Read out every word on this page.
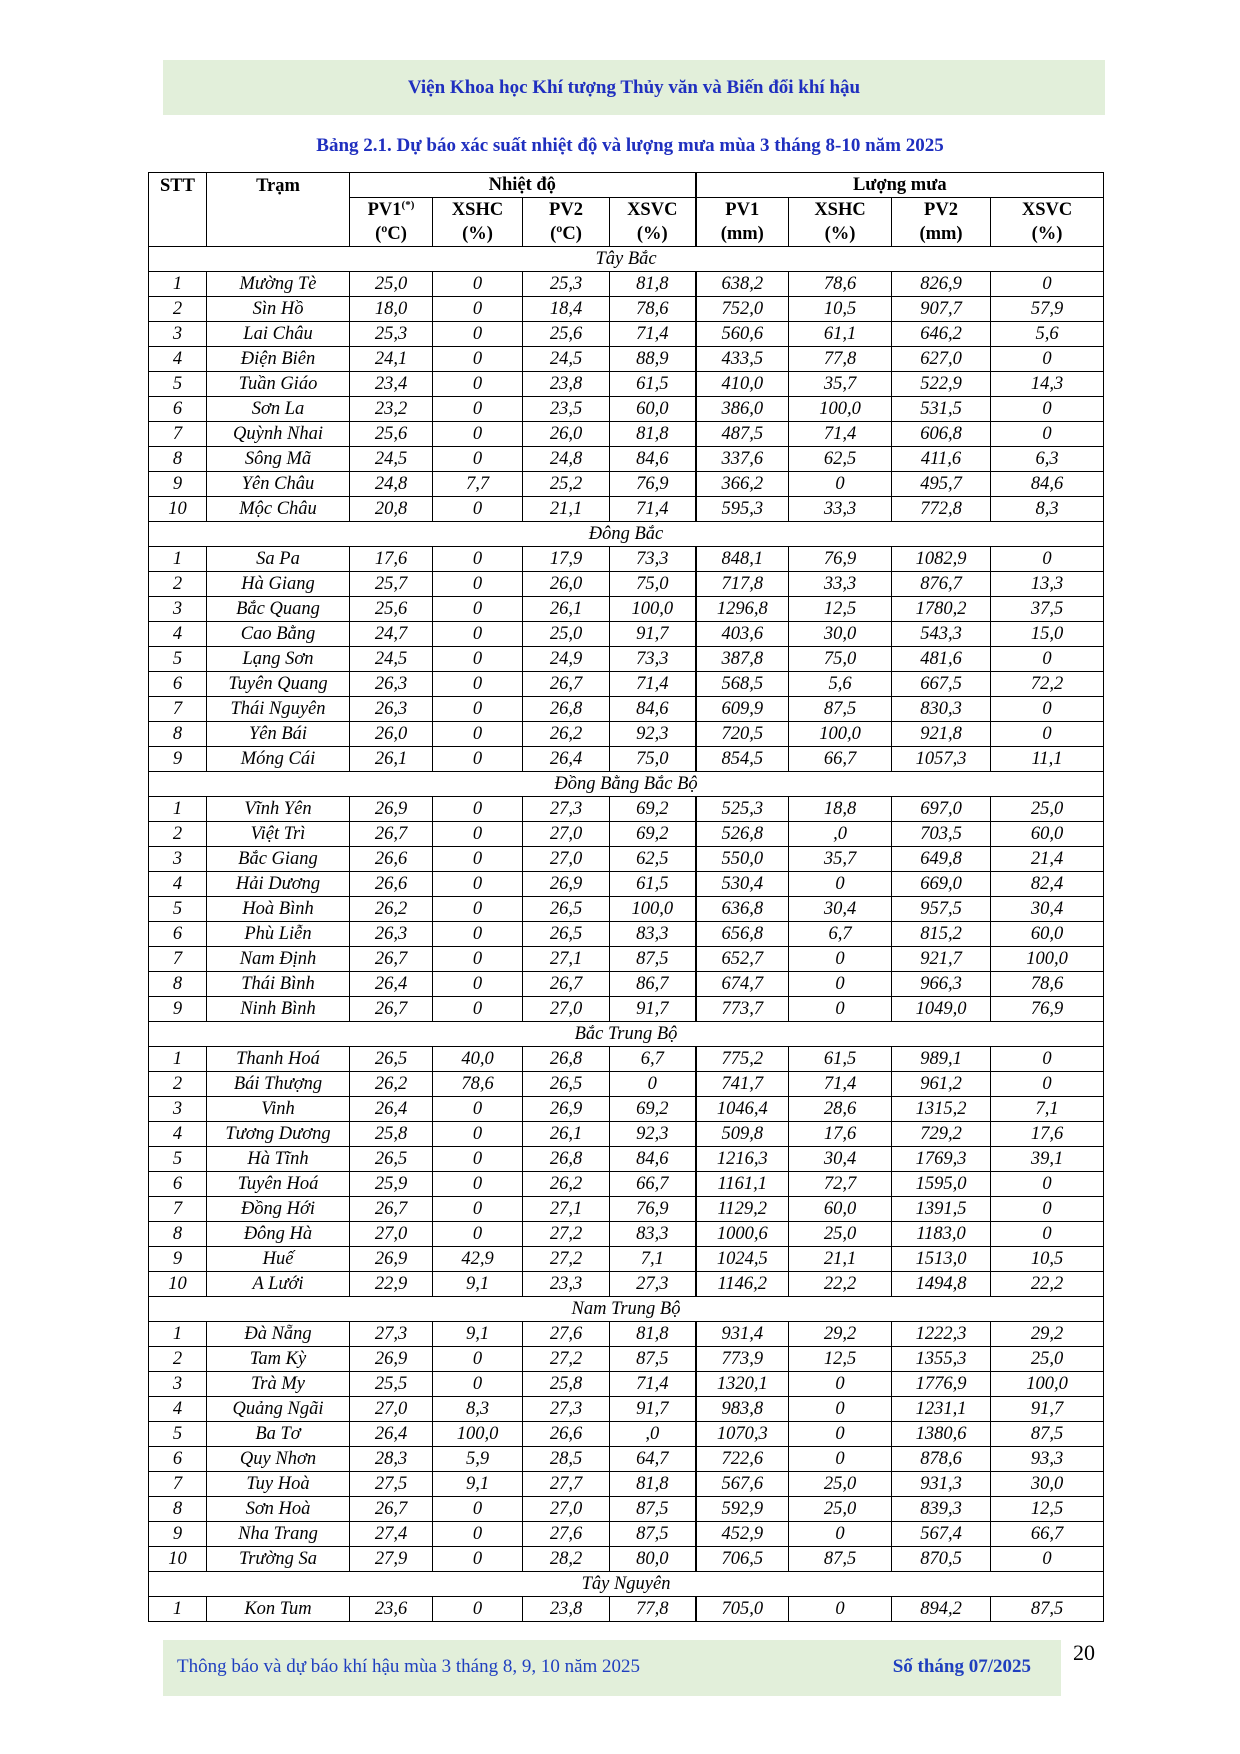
Viện Khoa học Khí tượng Thủy văn và Biến đổi khí hậu
Bảng 2.1. Dự báo xác suất nhiệt độ và lượng mưa mùa 3 tháng 8-10 năm 2025
STT	Trạm	Nhiệt độ				Lượng mưa			
		PV1(*)	XSHC	PV2	XSVC	PV1	XSHC	PV2	XSVC
		(ºC)	(%)	(ºC)	(%)	(mm)	(%)	(mm)	(%)
Tây Bắc									
1	Mường Tè	25,0	0	25,3	81,8	638,2	78,6	826,9	0
2	Sìn Hồ	18,0	0	18,4	78,6	752,0	10,5	907,7	57,9
3	Lai Châu	25,3	0	25,6	71,4	560,6	61,1	646,2	5,6
4	Điện Biên	24,1	0	24,5	88,9	433,5	77,8	627,0	0
5	Tuần Giáo	23,4	0	23,8	61,5	410,0	35,7	522,9	14,3
6	Sơn La	23,2	0	23,5	60,0	386,0	100,0	531,5	0
7	Quỳnh Nhai	25,6	0	26,0	81,8	487,5	71,4	606,8	0
8	Sông Mã	24,5	0	24,8	84,6	337,6	62,5	411,6	6,3
9	Yên Châu	24,8	7,7	25,2	76,9	366,2	0	495,7	84,6
10	Mộc Châu	20,8	0	21,1	71,4	595,3	33,3	772,8	8,3
Đông Bắc									
1	Sa Pa	17,6	0	17,9	73,3	848,1	76,9	1082,9	0
2	Hà Giang	25,7	0	26,0	75,0	717,8	33,3	876,7	13,3
3	Bắc Quang	25,6	0	26,1	100,0	1296,8	12,5	1780,2	37,5
4	Cao Bằng	24,7	0	25,0	91,7	403,6	30,0	543,3	15,0
5	Lạng Sơn	24,5	0	24,9	73,3	387,8	75,0	481,6	0
6	Tuyên Quang	26,3	0	26,7	71,4	568,5	5,6	667,5	72,2
7	Thái Nguyên	26,3	0	26,8	84,6	609,9	87,5	830,3	0
8	Yên Bái	26,0	0	26,2	92,3	720,5	100,0	921,8	0
9	Móng Cái	26,1	0	26,4	75,0	854,5	66,7	1057,3	11,1
Đồng Bằng Bắc Bộ									
1	Vĩnh Yên	26,9	0	27,3	69,2	525,3	18,8	697,0	25,0
2	Việt Trì	26,7	0	27,0	69,2	526,8	,0	703,5	60,0
3	Bắc Giang	26,6	0	27,0	62,5	550,0	35,7	649,8	21,4
4	Hải Dương	26,6	0	26,9	61,5	530,4	0	669,0	82,4
5	Hoà Bình	26,2	0	26,5	100,0	636,8	30,4	957,5	30,4
6	Phù Liễn	26,3	0	26,5	83,3	656,8	6,7	815,2	60,0
7	Nam Định	26,7	0	27,1	87,5	652,7	0	921,7	100,0
8	Thái Bình	26,4	0	26,7	86,7	674,7	0	966,3	78,6
9	Ninh Bình	26,7	0	27,0	91,7	773,7	0	1049,0	76,9
Bắc Trung Bộ									
1	Thanh Hoá	26,5	40,0	26,8	6,7	775,2	61,5	989,1	0
2	Bái Thượng	26,2	78,6	26,5	0	741,7	71,4	961,2	0
3	Vinh	26,4	0	26,9	69,2	1046,4	28,6	1315,2	7,1
4	Tương Dương	25,8	0	26,1	92,3	509,8	17,6	729,2	17,6
5	Hà Tĩnh	26,5	0	26,8	84,6	1216,3	30,4	1769,3	39,1
6	Tuyên Hoá	25,9	0	26,2	66,7	1161,1	72,7	1595,0	0
7	Đồng Hới	26,7	0	27,1	76,9	1129,2	60,0	1391,5	0
8	Đông Hà	27,0	0	27,2	83,3	1000,6	25,0	1183,0	0
9	Huế	26,9	42,9	27,2	7,1	1024,5	21,1	1513,0	10,5
10	A Lưới	22,9	9,1	23,3	27,3	1146,2	22,2	1494,8	22,2
Nam Trung Bộ									
1	Đà Nẵng	27,3	9,1	27,6	81,8	931,4	29,2	1222,3	29,2
2	Tam Kỳ	26,9	0	27,2	87,5	773,9	12,5	1355,3	25,0
3	Trà My	25,5	0	25,8	71,4	1320,1	0	1776,9	100,0
4	Quảng Ngãi	27,0	8,3	27,3	91,7	983,8	0	1231,1	91,7
5	Ba Tơ	26,4	100,0	26,6	,0	1070,3	0	1380,6	87,5
6	Quy Nhơn	28,3	5,9	28,5	64,7	722,6	0	878,6	93,3
7	Tuy Hoà	27,5	9,1	27,7	81,8	567,6	25,0	931,3	30,0
8	Sơn Hoà	26,7	0	27,0	87,5	592,9	25,0	839,3	12,5
9	Nha Trang	27,4	0	27,6	87,5	452,9	0	567,4	66,7
10	Trường Sa	27,9	0	28,2	80,0	706,5	87,5	870,5	0
Tây Nguyên									
1	Kon Tum	23,6	0	23,8	77,8	705,0	0	894,2	87,5
Thông báo và dự báo khí hậu mùa 3 tháng 8, 9, 10 năm 2025	Số tháng 07/2025
20
